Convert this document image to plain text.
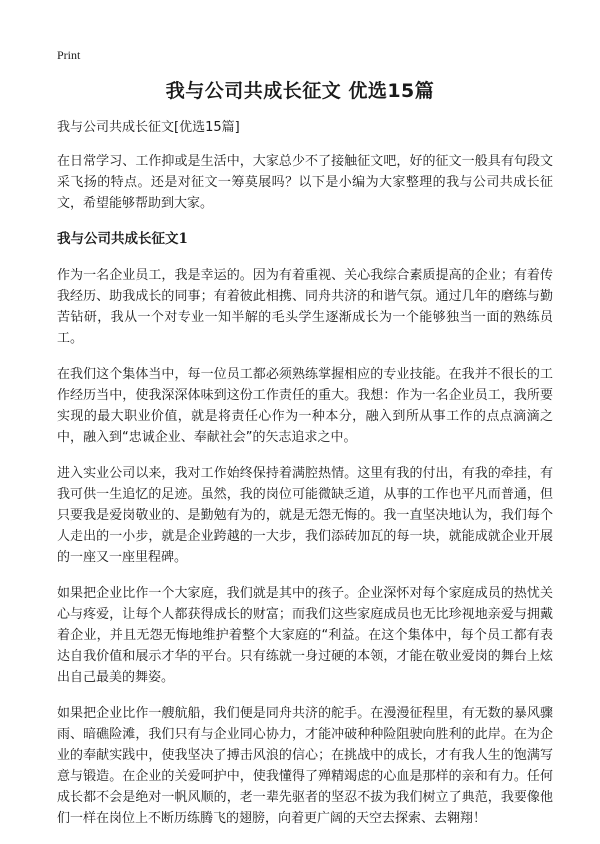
Print
我与公司共成长征文 优选15篇

我与公司共成长征文[优选15篇]

在日常学习、工作抑或是生活中，大家总少不了接触征文吧，好的征文一般具有句段文采飞扬的特点。还是对征文一筹莫展吗？以下是小编为大家整理的我与公司共成长征文，希望能够帮助到大家。

我与公司共成长征文1

作为一名企业员工，我是幸运的。因为有着重视、关心我综合素质提高的企业；有着传我经历、助我成长的同事；有着彼此相携、同舟共济的和谐气氛。通过几年的磨练与勤苦钻研，我从一个对专业一知半解的毛头学生逐渐成长为一个能够独当一面的熟练员工。

在我们这个集体当中，每一位员工都必须熟练掌握相应的专业技能。在我并不很长的工作经历当中，使我深深体味到这份工作责任的重大。我想：作为一名企业员工，我所要实现的最大职业价值，就是将责任心作为一种本分，融入到所从事工作的点点滴滴之中，融入到“忠诚企业、奉献社会”的矢志追求之中。

进入实业公司以来，我对工作始终保持着满腔热情。这里有我的付出，有我的牵挂，有我可供一生追忆的足迹。虽然，我的岗位可能微缺乏道，从事的工作也平凡而普通，但只要我是爱岗敬业的、是勤勉有为的，就是无怨无悔的。我一直坚决地认为，我们每个人走出的一小步，就是企业跨越的一大步，我们添砖加瓦的每一块，就能成就企业开展的一座又一座里程碑。

如果把企业比作一个大家庭，我们就是其中的孩子。企业深怀对每个家庭成员的热忧关心与疼爱，让每个人都获得成长的财富；而我们这些家庭成员也无比珍视地亲爱与拥戴着企业，并且无怨无悔地维护着整个大家庭的“利益。在这个集体中，每个员工都有表达自我价值和展示才华的平台。只有练就一身过硬的本领，才能在敬业爱岗的舞台上炫出自己最美的舞姿。

如果把企业比作一艘航船，我们便是同舟共济的舵手。在漫漫征程里，有无数的暴风骤雨、暗礁险滩，我们只有与企业同心协力，才能冲破种种险阻驶向胜利的此岸。在为企业的奉献实践中，使我坚决了搏击风浪的信心；在挑战中的成长，才有我人生的饱满写意与锻造。在企业的关爱呵护中，使我懂得了殚精竭虑的心血是那样的亲和有力。任何成长都不会是绝对一帆风顺的，老一辈先驱者的坚忍不拔为我们树立了典范，我要像他们一样在岗位上不断历练腾飞的翅膀，向着更广阔的天空去探索、去翱翔！
